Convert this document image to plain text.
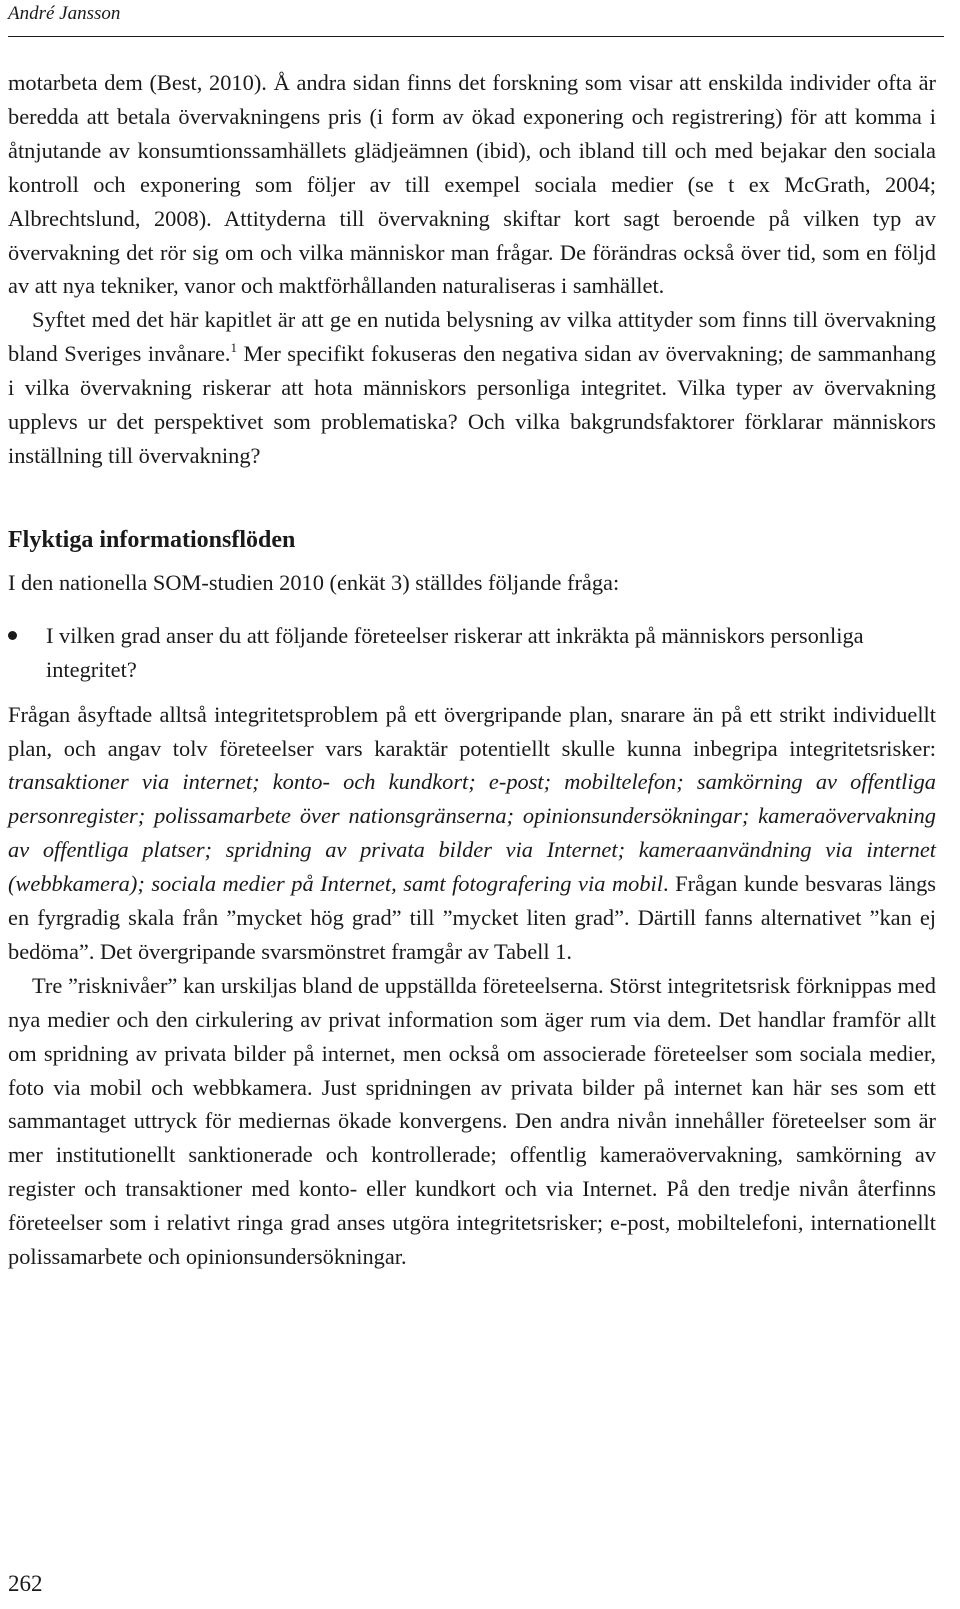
André Jansson

motarbeta dem (Best, 2010). Å andra sidan finns det forskning som visar att enskilda individer ofta är beredda att betala övervakningens pris (i form av ökad exponering och registrering) för att komma i åtnjutande av konsumtionssamhällets glädjeämnen (ibid), och ibland till och med bejakar den sociala kontroll och exponering som följer av till exempel sociala medier (se t ex McGrath, 2004; Albrechtslund, 2008). Attityderna till övervakning skiftar kort sagt beroende på vilken typ av övervakning det rör sig om och vilka människor man frågar. De förändras också över tid, som en följd av att nya tekniker, vanor och maktförhållanden naturaliseras i samhället.

Syftet med det här kapitlet är att ge en nutida belysning av vilka attityder som finns till övervakning bland Sveriges invånare.$^1$ Mer specifikt fokuseras den negativa sidan av övervakning; de sammanhang i vilka övervakning riskerar att hota människors personliga integritet. Vilka typer av övervakning upplevs ur det perspektivet som problematiska? Och vilka bakgrundsfaktorer förklarar människors inställning till övervakning?

Flyktiga informationsflöden

I den nationella SOM-studien 2010 (enkät 3) ställdes följande fråga:

I vilken grad anser du att följande företeelser riskerar att inkräkta på människors personliga integritet?

Frågan åsyftade alltså integritetsproblem på ett övergripande plan, snarare än på ett strikt individuellt plan, och angav tolv företeelser vars karaktär potentiellt skulle kunna inbegripa integritetsrisker: transaktioner via internet; konto- och kundkort; e-post; mobiltelefon; samkörning av offentliga personregister; polissamarbete över nationsgränserna; opinionsundersökningar; kameraövervakning av offentliga platser; spridning av privata bilder via Internet; kameraanvändning via internet (webbkamera); sociala medier på Internet, samt fotografering via mobil. Frågan kunde besvaras längs en fyrgradig skala från ”mycket hög grad” till ”mycket liten grad”. Därtill fanns alternativet ”kan ej bedöma”. Det övergripande svarsmönstret framgår av Tabell 1.

Tre ”risknivåer” kan urskiljas bland de uppställda företeelserna. Störst integritetsrisk förknippas med nya medier och den cirkulering av privat information som äger rum via dem. Det handlar framför allt om spridning av privata bilder på internet, men också om associerade företeelser som sociala medier, foto via mobil och webbkamera. Just spridningen av privata bilder på internet kan här ses som ett sammantaget uttryck för mediernas ökade konvergens. Den andra nivån innehåller företeelser som är mer institutionellt sanktionerade och kontrollerade; offentlig kameraövervakning, samkörning av register och transaktioner med konto- eller kundkort och via Internet. På den tredje nivån återfinns företeelser som i relativt ringa grad anses utgöra integritetsrisker; e-post, mobiltelefoni, internationellt polissamarbete och opinionsundersökningar.

262
